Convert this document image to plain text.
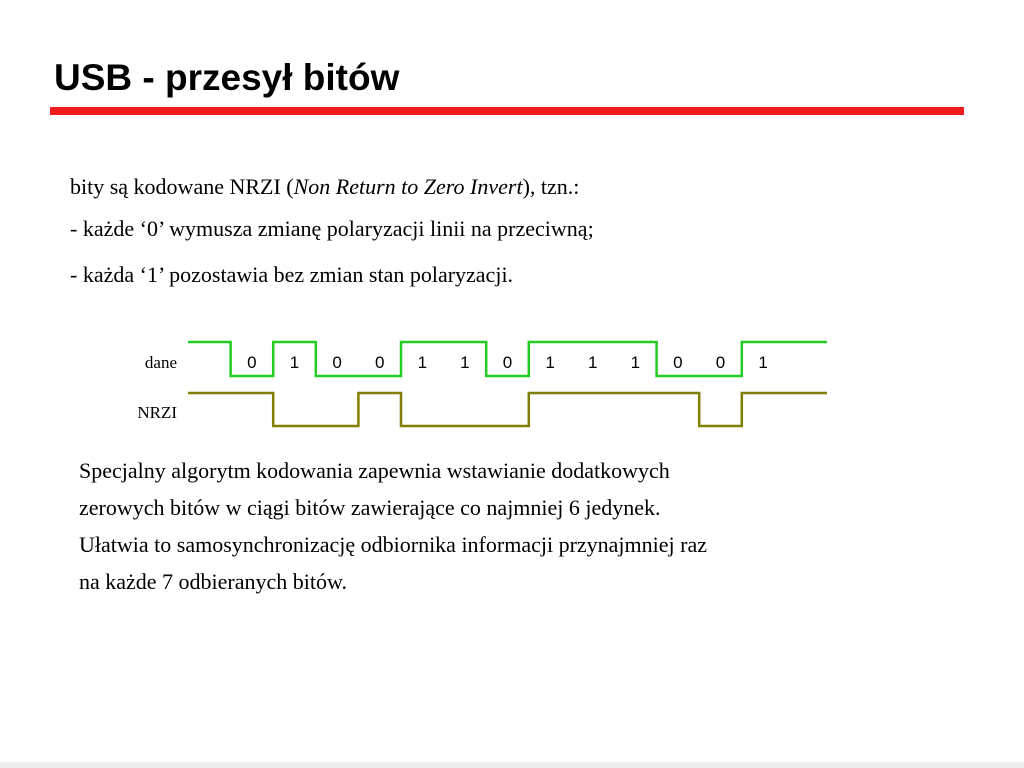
USB - przesył bitów
bity są kodowane NRZI (Non Return to Zero Invert), tzn.:
- każde ‘0’ wymusza zmianę polaryzacji linii na przeciwną;
- każda ‘1’ pozostawia bez zmian stan polaryzacji.
dane
NRZI
0 1 0 0 1 1 0 1 1 1 0 0 1
Specjalny algorytm kodowania zapewnia wstawianie dodatkowych
zerowych bitów w ciągi bitów zawierające co najmniej 6 jedynek.
Ułatwia to samosynchronizację odbiornika informacji przynajmniej raz
na każde 7 odbieranych bitów.
